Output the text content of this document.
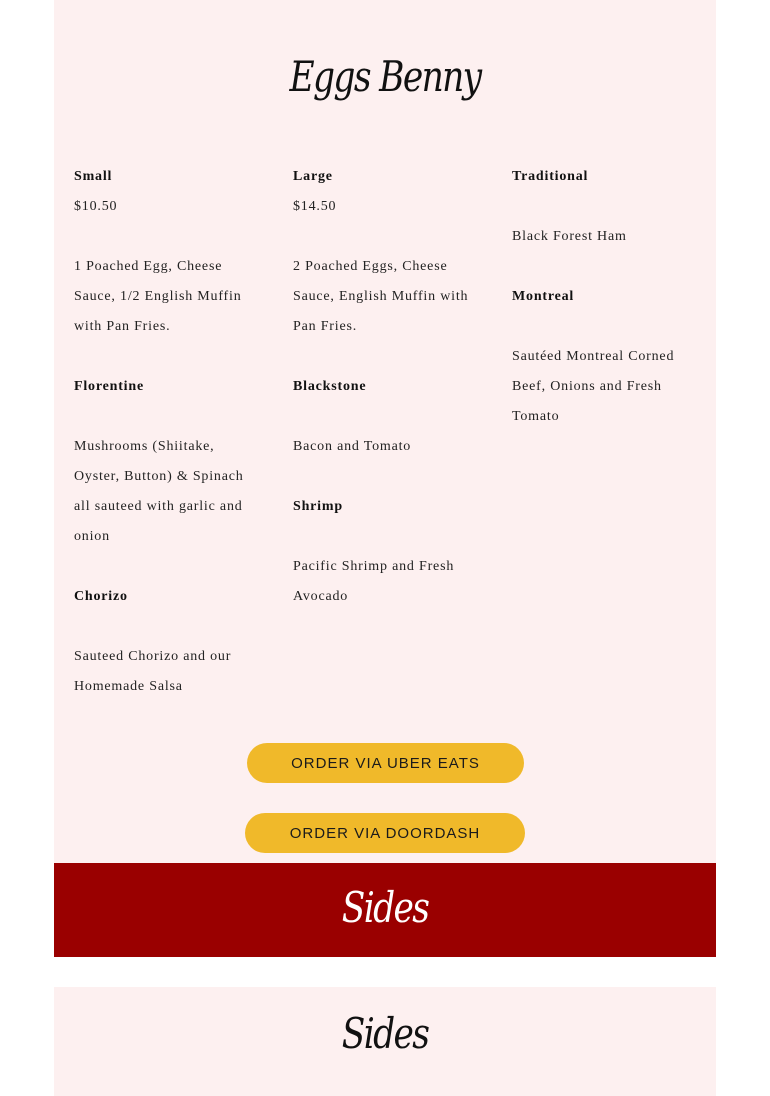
Eggs Benny

Small

$10.50

1 Poached Egg, Cheese Sauce, 1/2 English Muffin with Pan Fries.

Florentine

Mushrooms (Shiitake, Oyster, Button) & Spinach all sauteed with garlic and onion

Chorizo

Sauteed Chorizo and our Homemade Salsa

Large

$14.50

2 Poached Eggs, Cheese Sauce, English Muffin with Pan Fries.

Blackstone

Bacon and Tomato

Shrimp

Pacific Shrimp and Fresh Avocado

Traditional

Black Forest Ham

Montreal

Sautéed Montreal Corned Beef, Onions and Fresh Tomato

ORDER VIA UBER EATS
ORDER VIA DOORDASH
Sides
Sides
